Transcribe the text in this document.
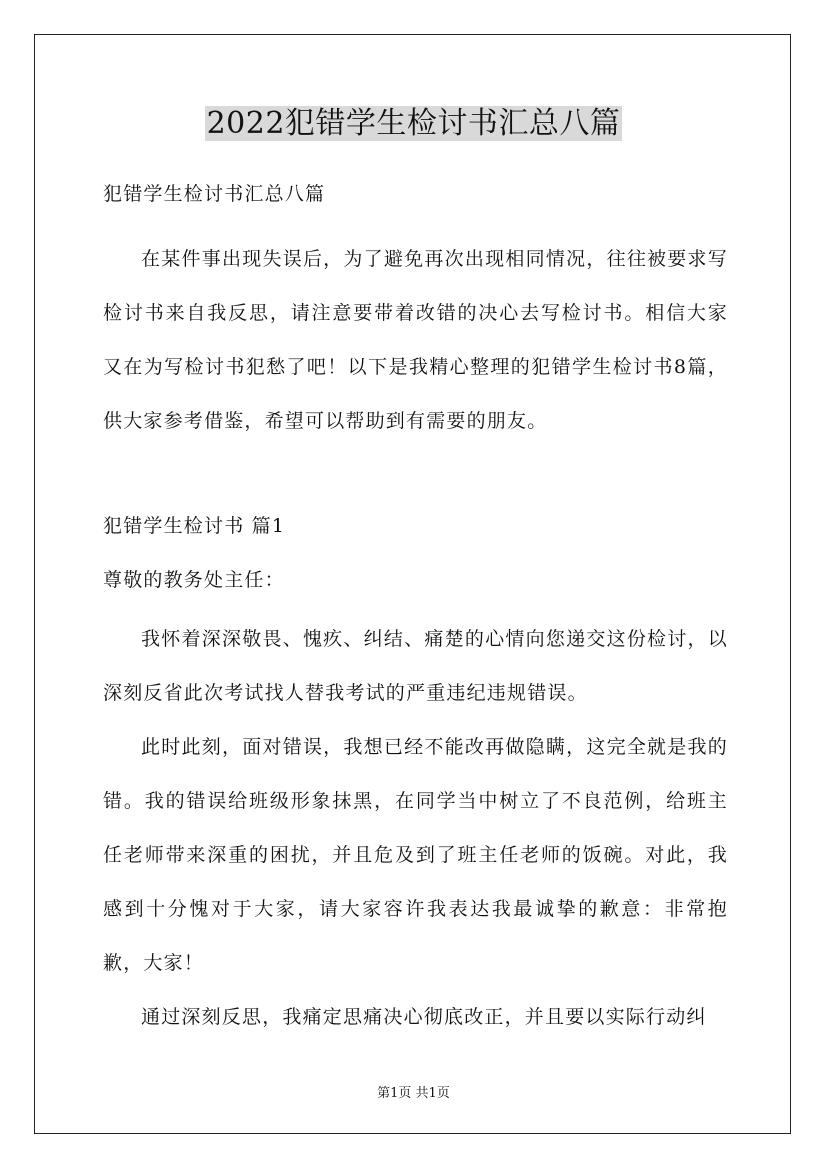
2022犯错学生检讨书汇总八篇
犯错学生检讨书汇总八篇
在某件事出现失误后，为了避免再次出现相同情况，往往被要求写检讨书来自我反思，请注意要带着改错的决心去写检讨书。相信大家又在为写检讨书犯愁了吧！以下是我精心整理的犯错学生检讨书8篇，供大家参考借鉴，希望可以帮助到有需要的朋友。
犯错学生检讨书 篇1
尊敬的教务处主任：
我怀着深深敬畏、愧疚、纠结、痛楚的心情向您递交这份检讨，以深刻反省此次考试找人替我考试的严重违纪违规错误。
此时此刻，面对错误，我想已经不能改再做隐瞒，这完全就是我的错。我的错误给班级形象抹黑，在同学当中树立了不良范例，给班主任老师带来深重的困扰，并且危及到了班主任老师的饭碗。对此，我感到十分愧对于大家，请大家容许我表达我最诚挚的歉意：非常抱歉，大家！
通过深刻反思，我痛定思痛决心彻底改正，并且要以实际行动纠
第1页 共1页
